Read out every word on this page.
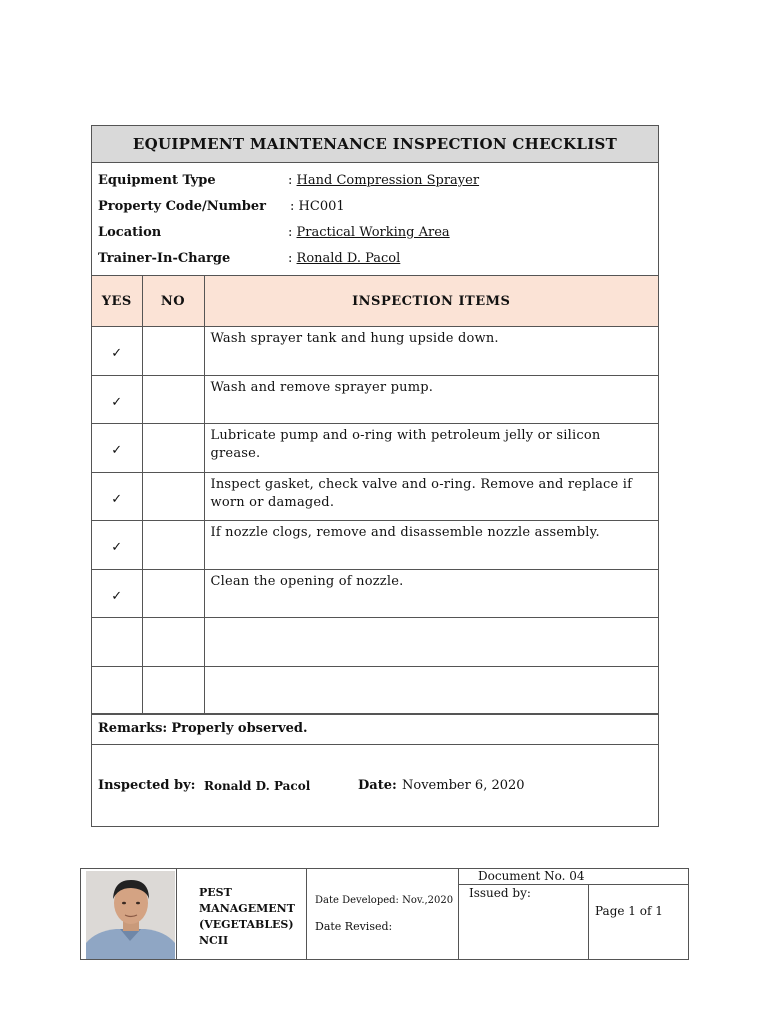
EQUIPMENT MAINTENANCE INSPECTION CHECKLIST
Equipment Type	: Hand Compression Sprayer
Property Code/Number : HC001
Location	: Practical Working Area
Trainer-In-Charge	: Ronald D. Pacol
YES	NO	INSPECTION ITEMS
✓		Wash sprayer tank and hung upside down.
✓		Wash and remove sprayer pump.
✓		Lubricate pump and o-ring with petroleum jelly or silicon grease.
✓		Inspect gasket, check valve and o-ring. Remove and replace if worn or damaged.
✓		If nozzle clogs, remove and disassemble nozzle assembly.
✓		Clean the opening of nozzle.

Remarks: Properly observed.
Inspected by: Ronald D. Pacol	Date: November 6, 2020
PEST
MANAGEMENT
(VEGETABLES)
NCII
Date Developed: Nov.,2020
Date Revised:
Document No. 04
Issued by:
Page 1 of 1
